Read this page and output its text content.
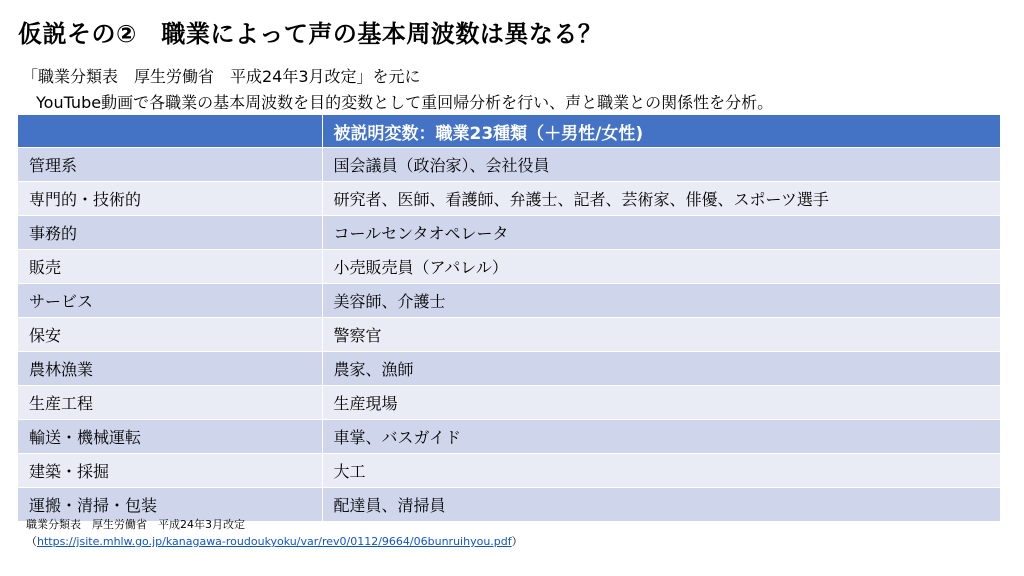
仮説その②　職業によって声の基本周波数は異なる？
「職業分類表　厚生労働省　平成24年3月改定」を元に
YouTube動画で各職業の基本周波数を目的変数として重回帰分析を行い、声と職業との関係性を分析。
	被説明変数：職業23種類（＋男性/女性)
管理系	国会議員（政治家）、会社役員
専門的・技術的	研究者、医師、看護師、弁護士、記者、芸術家、俳優、スポーツ選手
事務的	コールセンタオペレータ
販売	小売販売員（アパレル）
サービス	美容師、介護士
保安	警察官
農林漁業	農家、漁師
生産工程	生産現場
輸送・機械運転	車掌、バスガイド
建築・採掘	大工
運搬・清掃・包装	配達員、清掃員
職業分類表　厚生労働省　平成24年3月改定
（https://jsite.mhlw.go.jp/kanagawa-roudoukyoku/var/rev0/0112/9664/06bunruihyou.pdf）
